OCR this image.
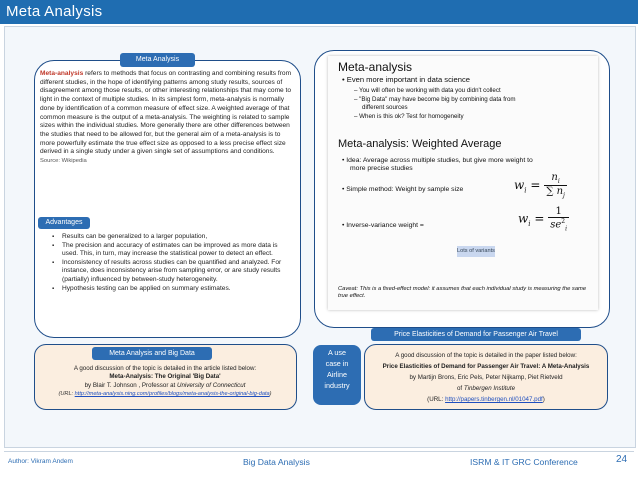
Meta Analysis
Meta Analysis
Meta-analysis refers to methods that focus on contrasting and combining results from different studies, in the hope of identifying patterns among study results, sources of disagreement among those results, or other interesting relationships that may come to light in the context of multiple studies. In its simplest form, meta-analysis is normally done by identification of a common measure of effect size. A weighted average of that common measure is the output of a meta-analysis. The weighting is related to sample sizes within the individual studies. More generally there are other differences between the studies that need to be allowed for, but the general aim of a meta-analysis is to more powerfully estimate the true effect size as opposed to a less precise effect size derived in a single study under a given single set of assumptions and conditions. Source: Wikipedia
Advantages
▪ Results can be generalized to a larger population,
▪ The precision and accuracy of estimates can be improved as more data is used. This, in turn, may increase the statistical power to detect an effect.
▪ Inconsistency of results across studies can be quantified and analyzed. For instance, does inconsistency arise from sampling error, or are study results (partially) influenced by between-study heterogeneity.
▪ Hypothesis testing can be applied on summary estimates.
Meta-analysis
• Even more important in data science
– You will often be working with data you didn't collect
– "Big Data" may have become big by combining data from
different sources
– When is this ok? Test for homogeneity
Meta-analysis: Weighted Average
• Idea: Average across multiple studies, but give more weight to
more precise studies
• Simple method: Weight by sample size
• Inverse-variance weight =
$w_i = \frac{n_i}{\sum n_j}$
$w_i = \frac{1}{se^2_i}$
Lots of variants
Caveat: This is a fixed-effect model: it assumes that each individual study is measuring the same true effect.
Meta Analysis and Big Data
A good discussion of the topic is detailed in the article listed below:
Meta-Analysis: The Original 'Big Data'
by Blair T. Johnson , Professor at University of Connecticut
(URL: http://meta-analysis.ning.com/profiles/blogs/meta-analysis-the-original-big-data)
A use
case in
Airline
industry
Price Elasticities of Demand for Passenger Air Travel
A good discussion of the topic is detailed in the paper listed below:
Price Elasticities of Demand for Passenger Air Travel: A Meta-Analysis
by Martijn Brons, Eric Pels, Peter Nijkamp, Piet Rietveld
of Tinbergen Institute
(URL: http://papers.tinbergen.nl/01047.pdf)
Author: Vikram Andem	Big Data Analysis	ISRM & IT GRC Conference	24
